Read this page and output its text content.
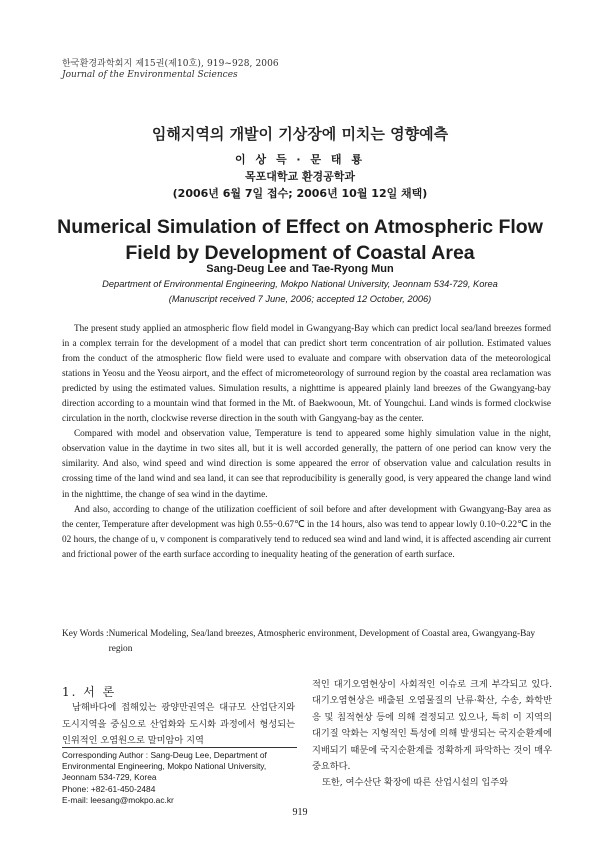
한국환경과학회지 제15권(제10호), 919~928, 2006
Journal of the Environmental Sciences
임해지역의 개발이 기상장에 미치는 영향예측
이 상 득 · 문 태 룡
목포대학교 환경공학과
(2006년 6월 7일 접수; 2006년 10월 12일 채택)
Numerical Simulation of Effect on Atmospheric Flow
Field by Development of Coastal Area
Sang-Deug Lee and Tae-Ryong Mun
Department of Environmental Engineering, Mokpo National University, Jeonnam 534-729, Korea
(Manuscript received 7 June, 2006; accepted 12 October, 2006)

The present study applied an atmospheric flow field model in Gwangyang-Bay which can predict local sea/land breezes formed in a complex terrain for the development of a model that can predict short term concentration of air pollution. Estimated values from the conduct of the atmospheric flow field were used to evaluate and compare with observation data of the meteorological stations in Yeosu and the Yeosu airport, and the effect of micrometeorology of surround region by the coastal area reclamation was predicted by using the estimated values. Simulation results, a nighttime is appeared plainly land breezes of the Gwangyang-bay direction according to a mountain wind that formed in the Mt. of Baekwooun, Mt. of Youngchui. Land winds is formed clockwise circulation in the north, clockwise reverse direction in the south with Gangyang-bay as the center.

Compared with model and observation value, Temperature is tend to appeared some highly simulation value in the night, observation value in the daytime in two sites all, but it is well accorded generally, the pattern of one period can know very the similarity. And also, wind speed and wind direction is some appeared the error of observation value and calculation results in crossing time of the land wind and sea land, it can see that reproducibility is generally good, is very appeared the change land wind in the nighttime, the change of sea wind in the daytime.

And also, according to change of the utilization coefficient of soil before and after development with Gwangyang-Bay area as the center, Temperature after development was high 0.55~0.67℃ in the 14 hours, also was tend to appear lowly 0.10~0.22℃ in the 02 hours, the change of u, v component is comparatively tend to reduced sea wind and land wind, it is affected ascending air current and frictional power of the earth surface according to inequality heating of the generation of earth surface.

Key Words : Numerical Modeling, Sea/land breezes, Atmospheric environment, Development of Coastal area, Gwangyang-Bay region
1. 서 론

남해바다에 접해있는 광양만권역은 대규모 산업단지와 도시지역을 중심으로 산업화와 도시화 과정에서 형성되는 인위적인 오염원으로 말미암아 지역

적인 대기오염현상이 사회적인 이슈로 크게 부각되고 있다. 대기오염현상은 배출된 오염물질의 난류·확산, 수송, 화학반응 및 침적현상 등에 의해 결정되고 있으나, 특히 이 지역의 대기질 악화는 지형적인 특성에 의해 발생되는 국지순환계에 지배되기 때문에 국지순환계를 정확하게 파악하는 것이 매우 중요하다.

또한, 여수산단 확장에 따른 산업시설의 입주와

Corresponding Author : Sang-Deug Lee, Department of Environmental Engineering, Mokpo National University, Jeonnam 534-729, Korea
Phone: +82-61-450-2484
E-mail: leesang@mokpo.ac.kr
919
